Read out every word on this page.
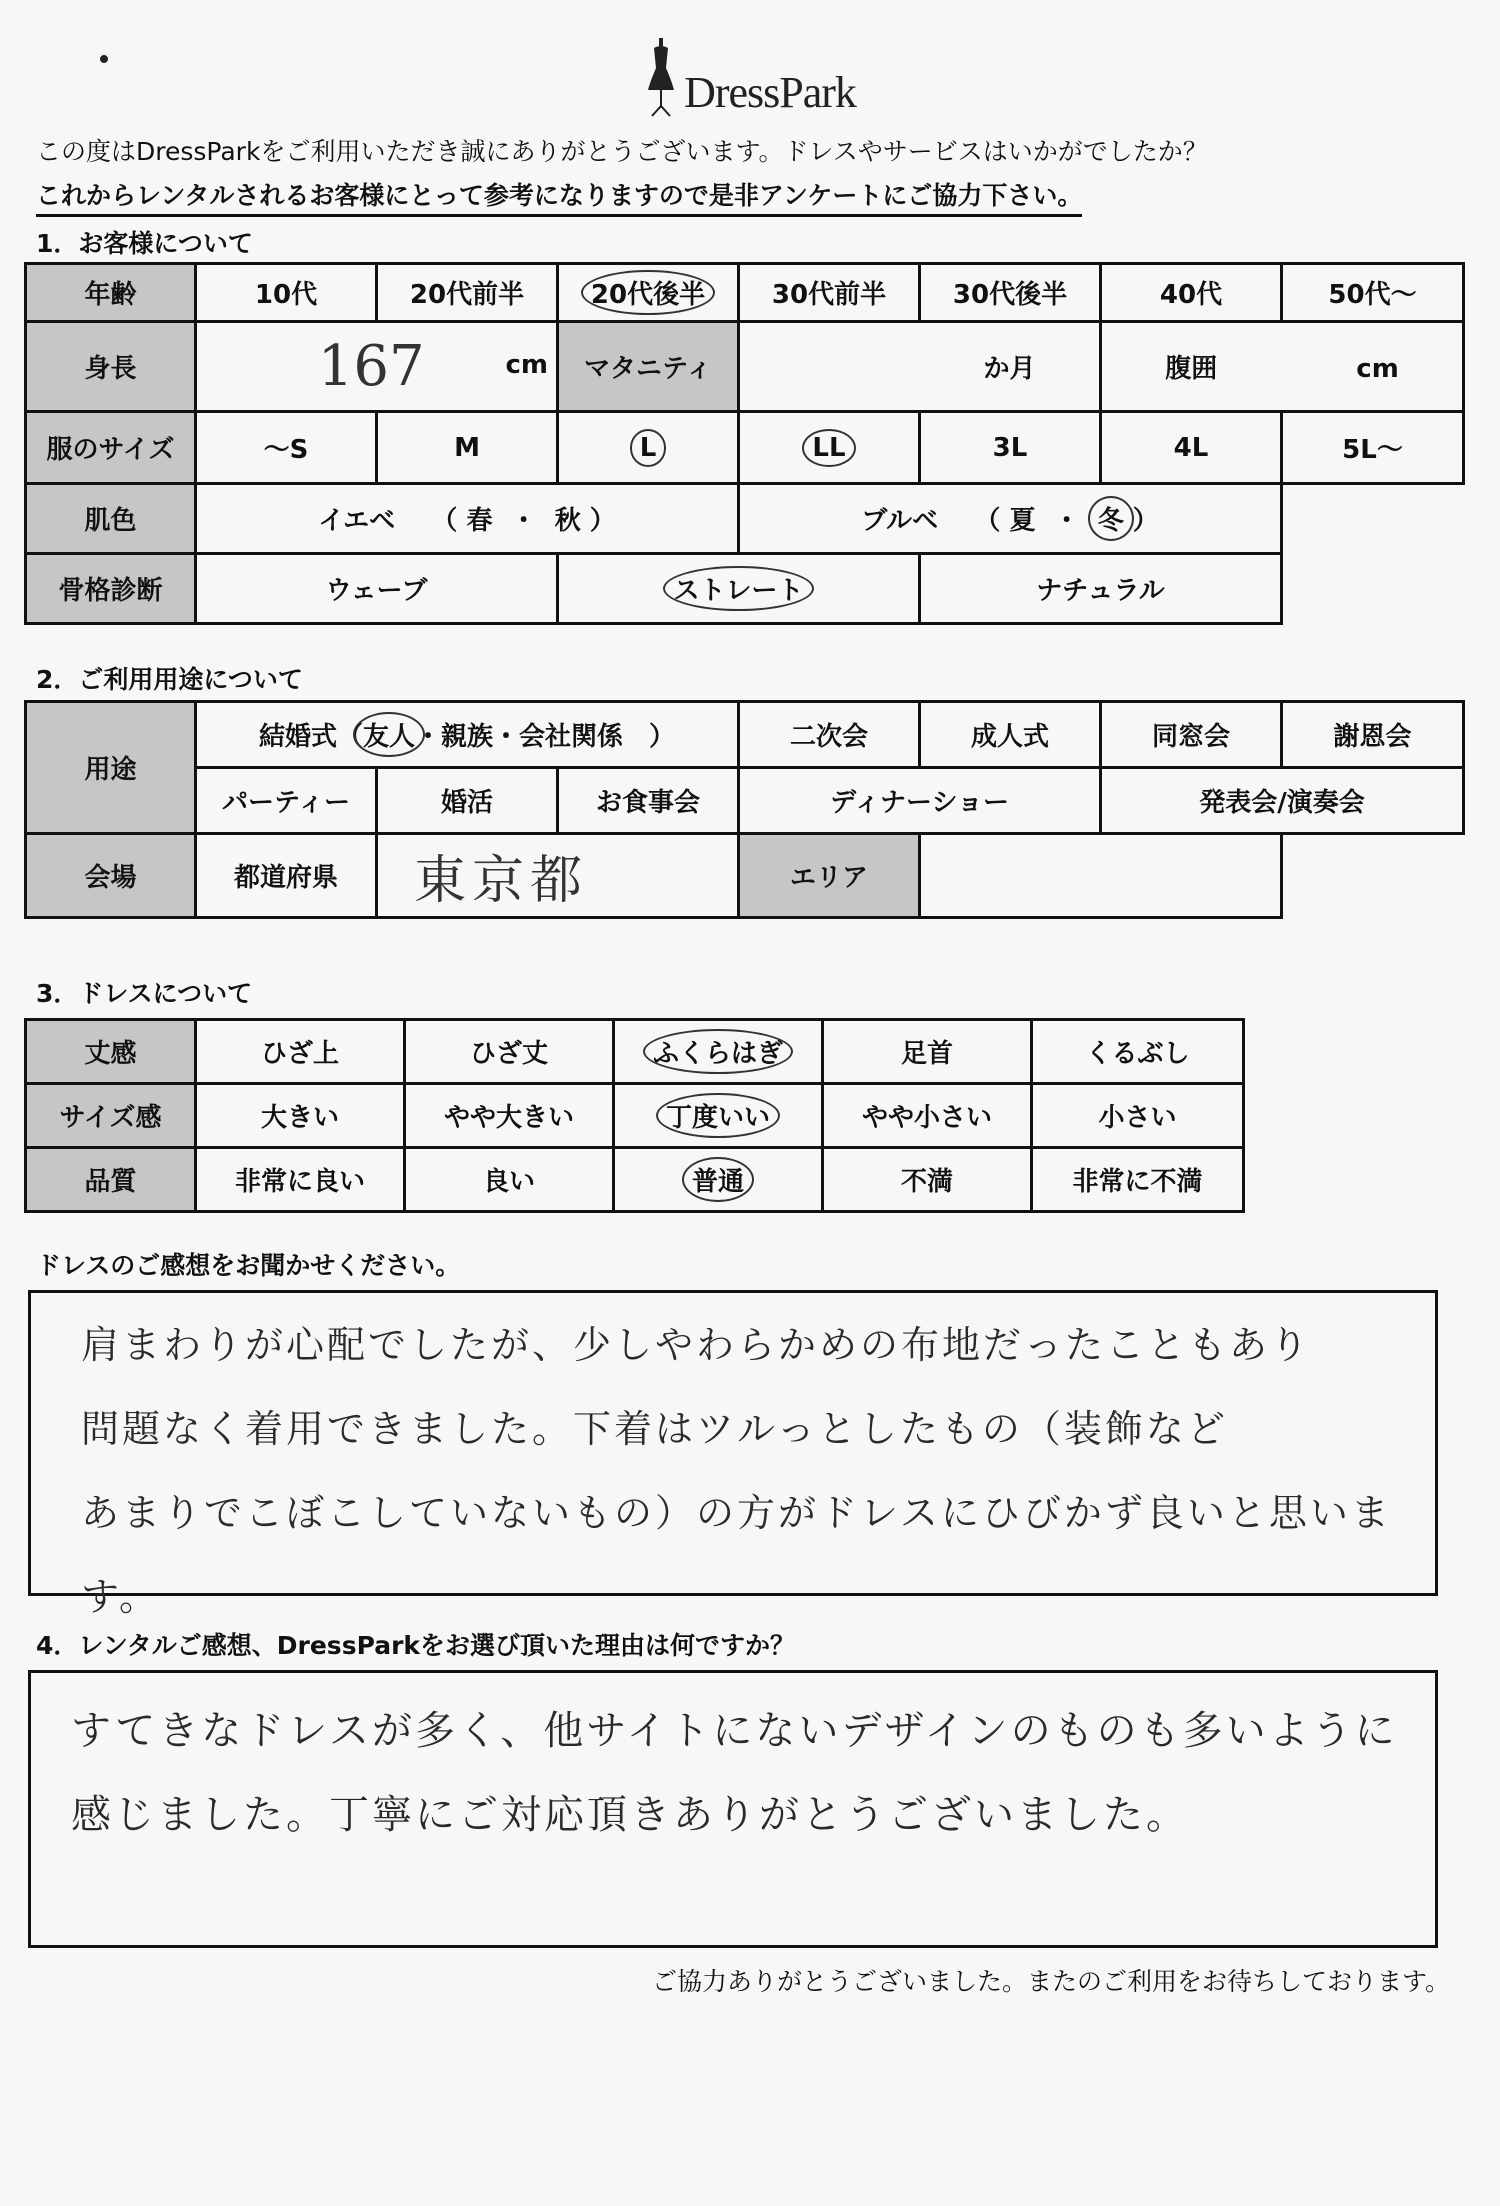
DressPark
この度はDressParkをご利用いただき誠にありがとうございます。ドレスやサービスはいかがでしたか？
これからレンタルされるお客様にとって参考になりますので是非アンケートにご協力下さい。
1．お客様について
年齢	10代	20代前半	20代後半	30代前半	30代後半	40代	50代～
身長	167 cm		マタニティ	か月		腹囲 cm	
服のサイズ	～S	M	L	LL	3L	4L	5L～
肌色	イエベ （ 春 ・ 秋 ）			ブルベ （ 夏 ・ 冬 ）			
骨格診断	ウェーブ		ストレート		ナチュラル		
2．ご利用用途について
用途	結婚式（友人・親族・会社関係　）			二次会	成人式	同窓会	謝恩会
	パーティー	婚活	お食事会	ディナーショー		発表会/演奏会	
会場	都道府県	東京都		エリア			
3．ドレスについて
丈感	ひざ上	ひざ丈	ふくらはぎ	足首	くるぶし
サイズ感	大きい	やや大きい	丁度いい	やや小さい	小さい
品質	非常に良い	良い	普通	不満	非常に不満
ドレスのご感想をお聞かせください。
肩まわりが心配でしたが、少しやわらかめの布地だったこともあり
問題なく着用できました。下着はツルっとしたもの（装飾など
あまりでこぼこしていないもの）の方がドレスにひびかず良いと思います。
4．レンタルご感想、DressParkをお選び頂いた理由は何ですか？
すてきなドレスが多く、他サイトにないデザインのものも多いように
感じました。丁寧にご対応頂きありがとうございました。
ご協力ありがとうございました。またのご利用をお待ちしております。
